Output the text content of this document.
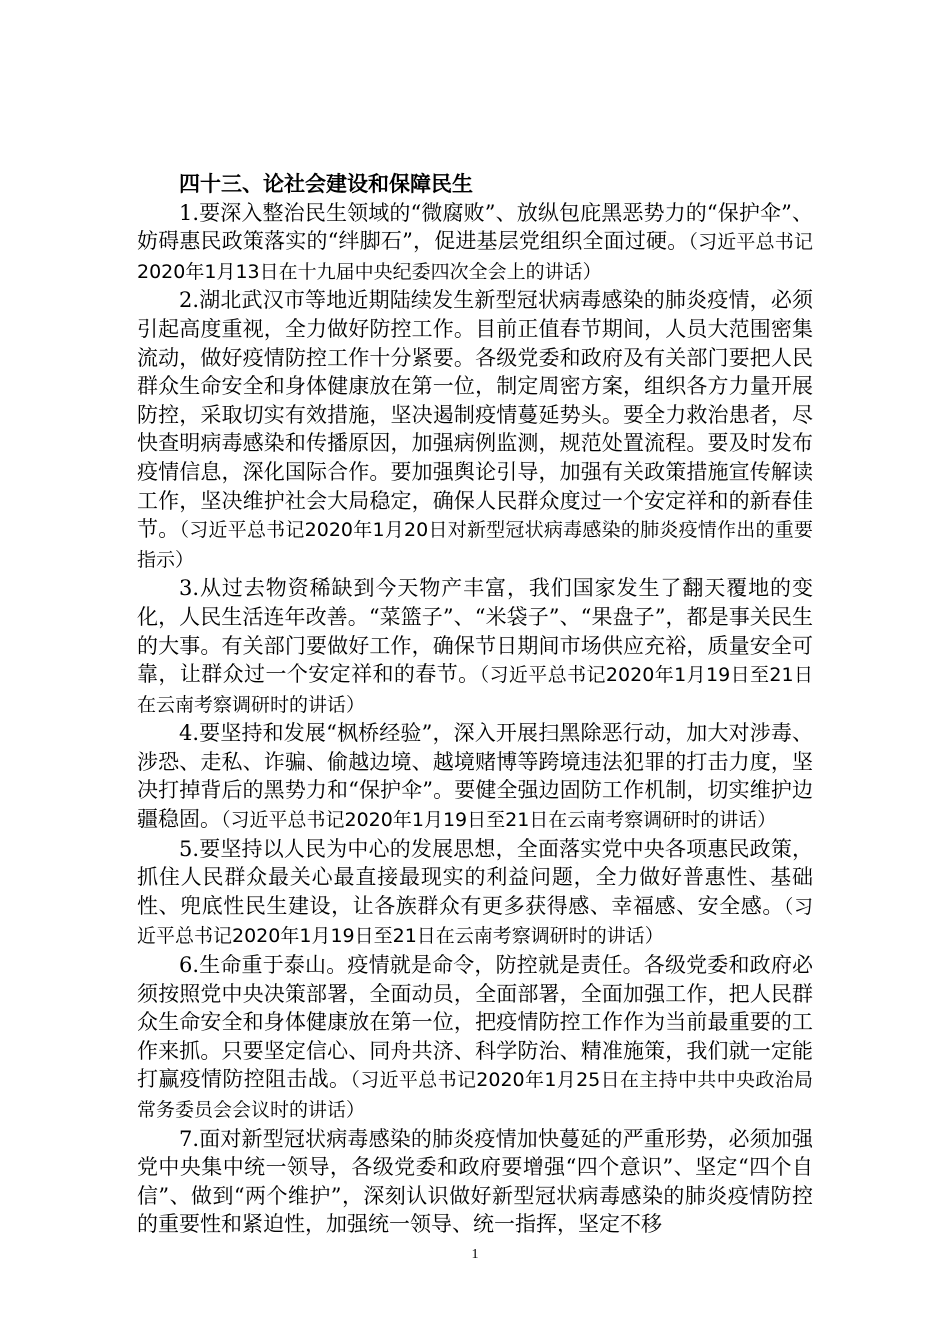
四十三、论社会建设和保障民生

1.要深入整治民生领域的“微腐败”、放纵包庇黑恶势力的“保护伞”、妨碍惠民政策落实的“绊脚石”，促进基层党组织全面过硬。（习近平总书记2020年1月13日在十九届中央纪委四次全会上的讲话）

2.湖北武汉市等地近期陆续发生新型冠状病毒感染的肺炎疫情，必须引起高度重视，全力做好防控工作。目前正值春节期间，人员大范围密集流动，做好疫情防控工作十分紧要。各级党委和政府及有关部门要把人民群众生命安全和身体健康放在第一位，制定周密方案，组织各方力量开展防控，采取切实有效措施，坚决遏制疫情蔓延势头。要全力救治患者，尽快查明病毒感染和传播原因，加强病例监测，规范处置流程。要及时发布疫情信息，深化国际合作。要加强舆论引导，加强有关政策措施宣传解读工作，坚决维护社会大局稳定，确保人民群众度过一个安定祥和的新春佳节。（习近平总书记2020年1月20日对新型冠状病毒感染的肺炎疫情作出的重要指示）

3.从过去物资稀缺到今天物产丰富，我们国家发生了翻天覆地的变化，人民生活连年改善。“菜篮子”、“米袋子”、“果盘子”，都是事关民生的大事。有关部门要做好工作，确保节日期间市场供应充裕，质量安全可靠，让群众过一个安定祥和的春节。（习近平总书记2020年1月19日至21日在云南考察调研时的讲话）

4.要坚持和发展“枫桥经验”，深入开展扫黑除恶行动，加大对涉毒、涉恐、走私、诈骗、偷越边境、越境赌博等跨境违法犯罪的打击力度，坚决打掉背后的黑势力和“保护伞”。要健全强边固防工作机制，切实维护边疆稳固。（习近平总书记2020年1月19日至21日在云南考察调研时的讲话）

5.要坚持以人民为中心的发展思想，全面落实党中央各项惠民政策，抓住人民群众最关心最直接最现实的利益问题，全力做好普惠性、基础性、兜底性民生建设，让各族群众有更多获得感、幸福感、安全感。（习近平总书记2020年1月19日至21日在云南考察调研时的讲话）

6.生命重于泰山。疫情就是命令，防控就是责任。各级党委和政府必须按照党中央决策部署，全面动员，全面部署，全面加强工作，把人民群众生命安全和身体健康放在第一位，把疫情防控工作作为当前最重要的工作来抓。只要坚定信心、同舟共济、科学防治、精准施策，我们就一定能打赢疫情防控阻击战。（习近平总书记2020年1月25日在主持中共中央政治局常务委员会会议时的讲话）

7.面对新型冠状病毒感染的肺炎疫情加快蔓延的严重形势，必须加强党中央集中统一领导，各级党委和政府要增强“四个意识”、坚定“四个自信”、做到“两个维护”，深刻认识做好新型冠状病毒感染的肺炎疫情防控的重要性和紧迫性，加强统一领导、统一指挥，坚定不移

1
